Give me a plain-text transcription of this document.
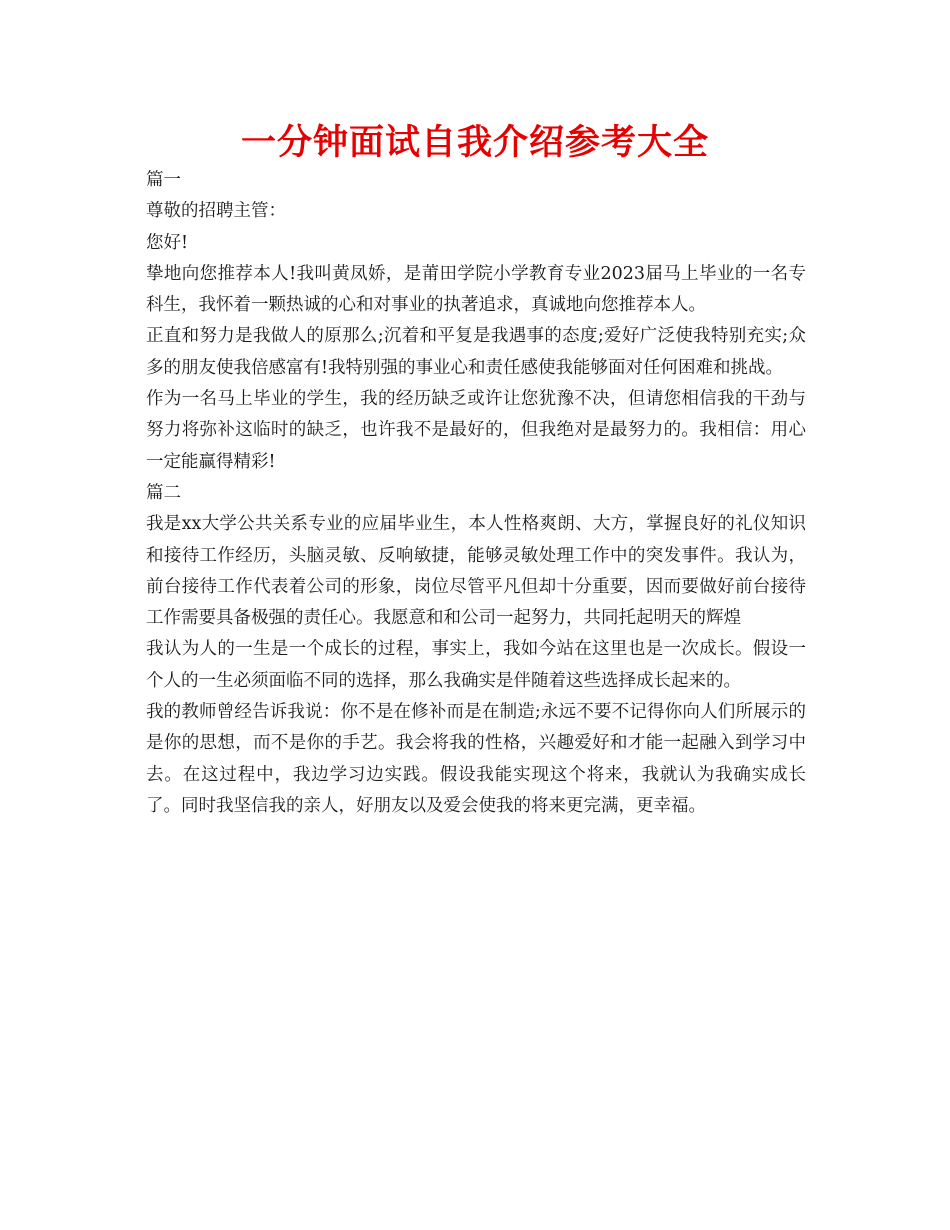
一分钟面试自我介绍参考大全

篇一

尊敬的招聘主管：

您好!

挚地向您推荐本人!我叫黄凤娇，是莆田学院小学教育专业2023届马上毕业的一名专科生，我怀着一颗热诚的心和对事业的执著追求，真诚地向您推荐本人。

正直和努力是我做人的原那么;沉着和平复是我遇事的态度;爱好广泛使我特别充实;众多的朋友使我倍感富有!我特别强的事业心和责任感使我能够面对任何困难和挑战。

作为一名马上毕业的学生，我的经历缺乏或许让您犹豫不决，但请您相信我的干劲与努力将弥补这临时的缺乏，也许我不是最好的，但我绝对是最努力的。我相信：用心一定能赢得精彩!

篇二

我是xx大学公共关系专业的应届毕业生，本人性格爽朗、大方，掌握良好的礼仪知识和接待工作经历，头脑灵敏、反响敏捷，能够灵敏处理工作中的突发事件。我认为，前台接待工作代表着公司的形象，岗位尽管平凡但却十分重要，因而要做好前台接待工作需要具备极强的责任心。我愿意和和公司一起努力，共同托起明天的辉煌

我认为人的一生是一个成长的过程，事实上，我如今站在这里也是一次成长。假设一个人的一生必须面临不同的选择，那么我确实是伴随着这些选择成长起来的。

我的教师曾经告诉我说：你不是在修补而是在制造;永远不要不记得你向人们所展示的是你的思想，而不是你的手艺。我会将我的性格，兴趣爱好和才能一起融入到学习中去。在这过程中，我边学习边实践。假设我能实现这个将来，我就认为我确实成长了。同时我坚信我的亲人，好朋友以及爱会使我的将来更完满，更幸福。
